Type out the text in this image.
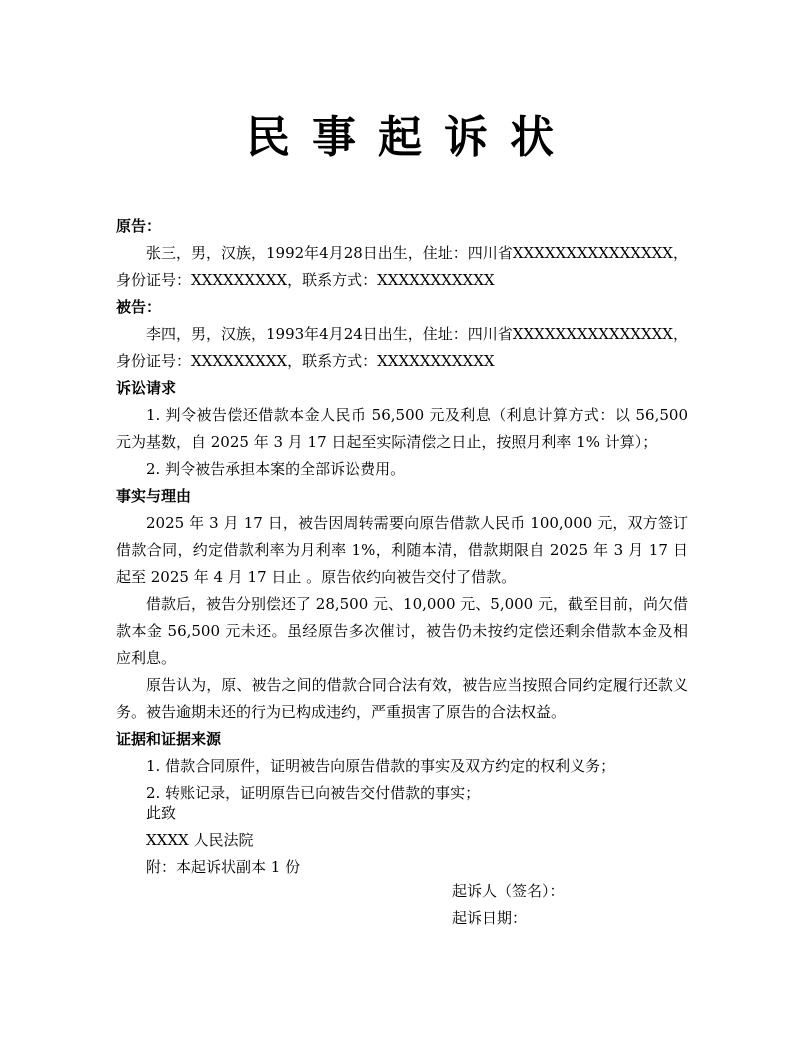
民事起诉状
原告：
张三，男，汉族，1992年4月28日出生，住址：四川省XXXXXXXXXXXXXXX，身份证号：XXXXXXXXX，联系方式：XXXXXXXXXXX
被告：
李四，男，汉族，1993年4月24日出生，住址：四川省XXXXXXXXXXXXXXX，身份证号：XXXXXXXXX，联系方式：XXXXXXXXXXX
诉讼请求
1. 判令被告偿还借款本金人民币 56,500 元及利息（利息计算方式：以 56,500 元为基数，自 2025 年 3 月 17 日起至实际清偿之日止，按照月利率 1% 计算）；
2. 判令被告承担本案的全部诉讼费用。
事实与理由
2025 年 3 月 17 日，被告因周转需要向原告借款人民币 100,000 元，双方签订借款合同，约定借款利率为月利率 1%，利随本清，借款期限自 2025 年 3 月 17 日起至 2025 年 4 月 17 日止 。原告依约向被告交付了借款。
借款后，被告分别偿还了 28,500 元、10,000 元、5,000 元，截至目前，尚欠借款本金 56,500 元未还。虽经原告多次催讨，被告仍未按约定偿还剩余借款本金及相应利息。
原告认为，原、被告之间的借款合同合法有效，被告应当按照合同约定履行还款义务。被告逾期未还的行为已构成违约，严重损害了原告的合法权益。
证据和证据来源
1. 借款合同原件，证明被告向原告借款的事实及双方约定的权利义务；
2. 转账记录，证明原告已向被告交付借款的事实；
此致
XXXX 人民法院
附：本起诉状副本 1 份
起诉人（签名）：
起诉日期：
